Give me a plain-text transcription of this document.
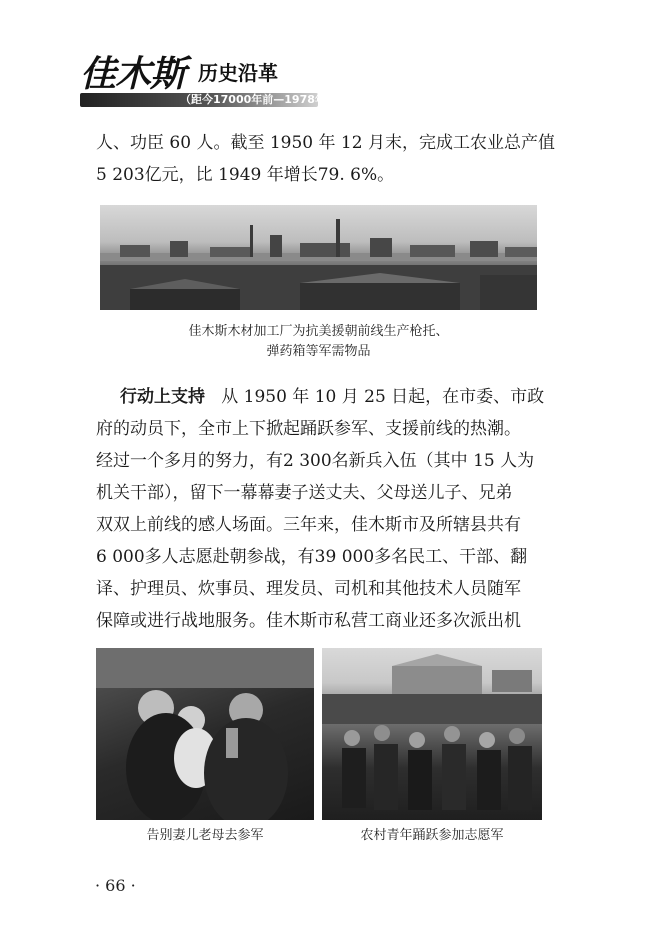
佳木斯 历史沿革
（距今17000年前—1978年）
人、功臣 60 人。截至 1950 年 12 月末，完成工农业总产值
5 203亿元，比 1949 年增长79. 6%。
佳木斯木材加工厂为抗美援朝前线生产枪托、
弹药箱等军需物品
行动上支持 从 1950 年 10 月 25 日起，在市委、市政
府的动员下，全市上下掀起踊跃参军、支援前线的热潮。
经过一个多月的努力，有2 300名新兵入伍（其中 15 人为
机关干部），留下一幕幕妻子送丈夫、父母送儿子、兄弟
双双上前线的感人场面。三年来，佳木斯市及所辖县共有
6 000多人志愿赴朝参战，有39 000多名民工、干部、翻
译、护理员、炊事员、理发员、司机和其他技术人员随军
保障或进行战地服务。佳木斯市私营工商业还多次派出机
告别妻儿老母去参军	农村青年踊跃参加志愿军
· 66 ·
